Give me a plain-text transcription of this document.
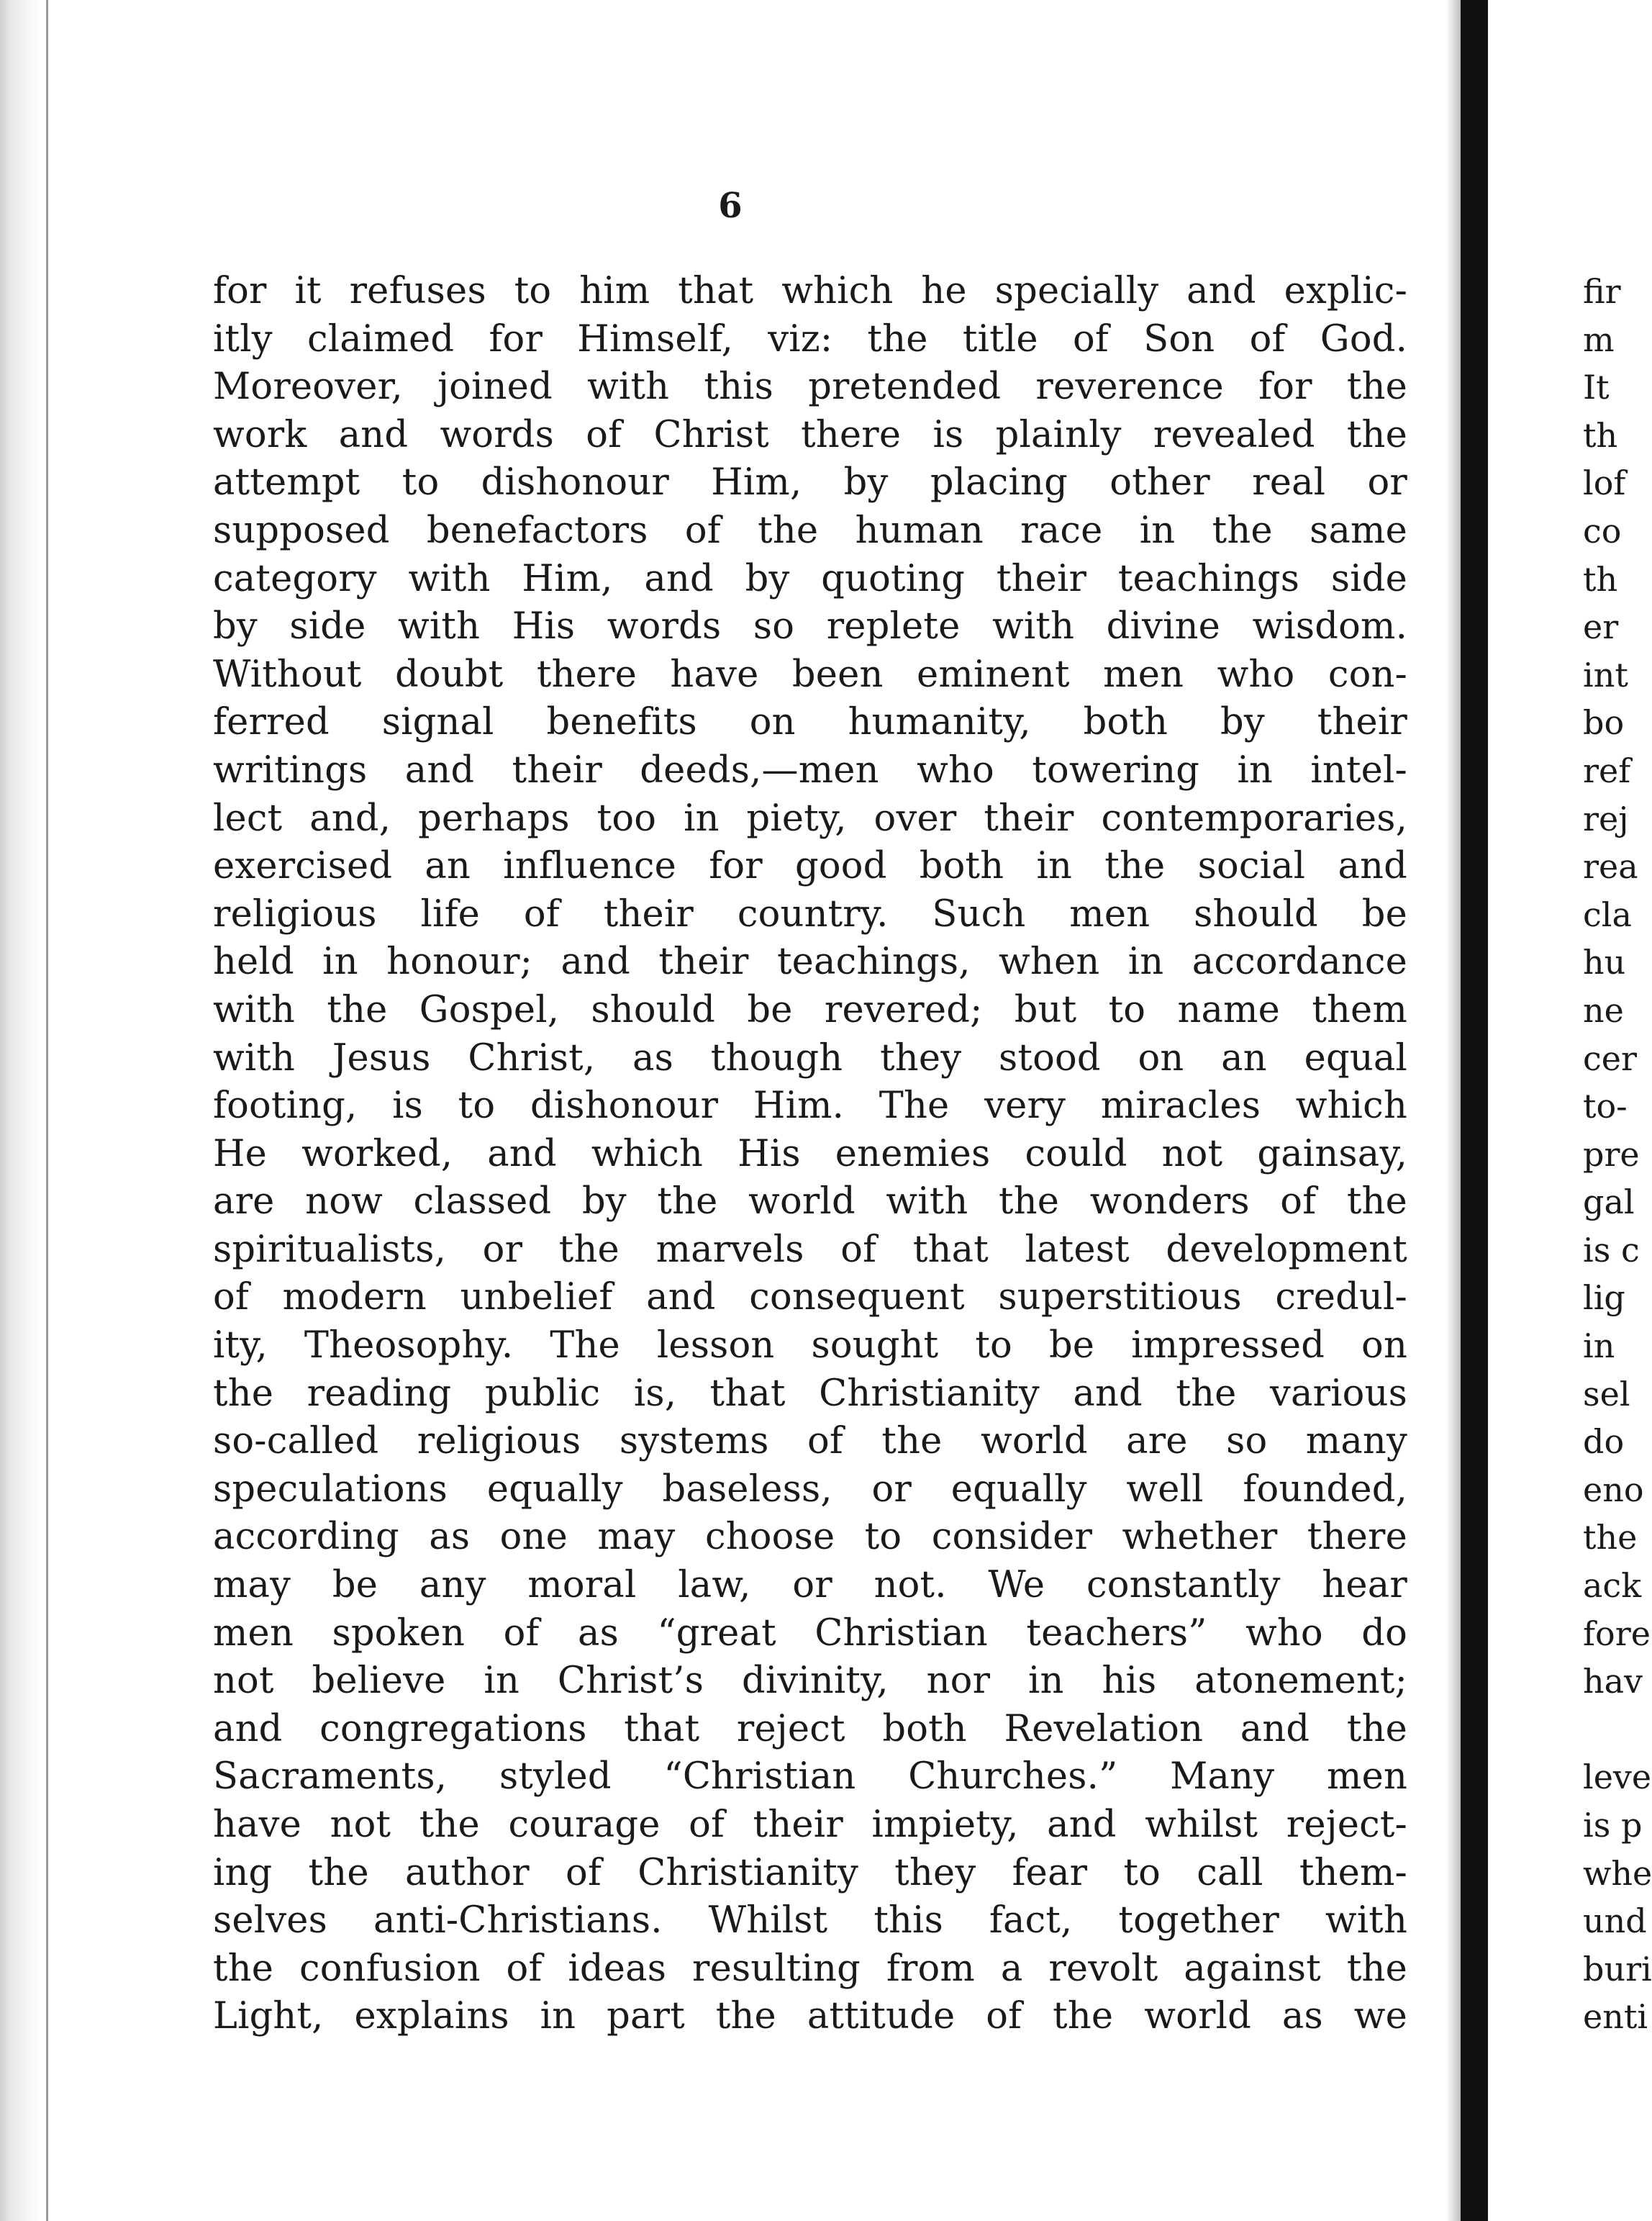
6
for it refuses to him that which he specially and explic-
itly claimed for Himself, viz: the title of Son of God.
Moreover, joined with this pretended reverence for the
work and words of Christ there is plainly revealed the
attempt to dishonour Him, by placing other real or
supposed benefactors of the human race in the same
category with Him, and by quoting their teachings side
by side with His words so replete with divine wisdom.
Without doubt there have been eminent men who con-
ferred signal benefits on humanity, both by their
writings and their deeds,—men who towering in intel-
lect and, perhaps too in piety, over their contemporaries,
exercised an influence for good both in the social and
religious life of their country. Such men should be
held in honour; and their teachings, when in accordance
with the Gospel, should be revered; but to name them
with Jesus Christ, as though they stood on an equal
footing, is to dishonour Him. The very miracles which
He worked, and which His enemies could not gainsay,
are now classed by the world with the wonders of the
spiritualists, or the marvels of that latest development
of modern unbelief and consequent superstitious credul-
ity, Theosophy. The lesson sought to be impressed on
the reading public is, that Christianity and the various
so-called religious systems of the world are so many
speculations equally baseless, or equally well founded,
according as one may choose to consider whether there
may be any moral law, or not. We constantly hear
men spoken of as “great Christian teachers” who do
not believe in Christ’s divinity, nor in his atonement;
and congregations that reject both Revelation and the
Sacraments, styled “Christian Churches.” Many men
have not the courage of their impiety, and whilst reject-
ing the author of Christianity they fear to call them-
selves anti-Christians. Whilst this fact, together with
the confusion of ideas resulting from a revolt against the
Light, explains in part the attitude of the world as we
fir
m
It
th
lof
co
th
er
int
bo
ref
rej
rea
cla
hu
ne
cer
to-
pre
gal
is c
lig
in
sel
do
eno
the
ack
fore
hav
leve
is p
whe
und
buri
enti
